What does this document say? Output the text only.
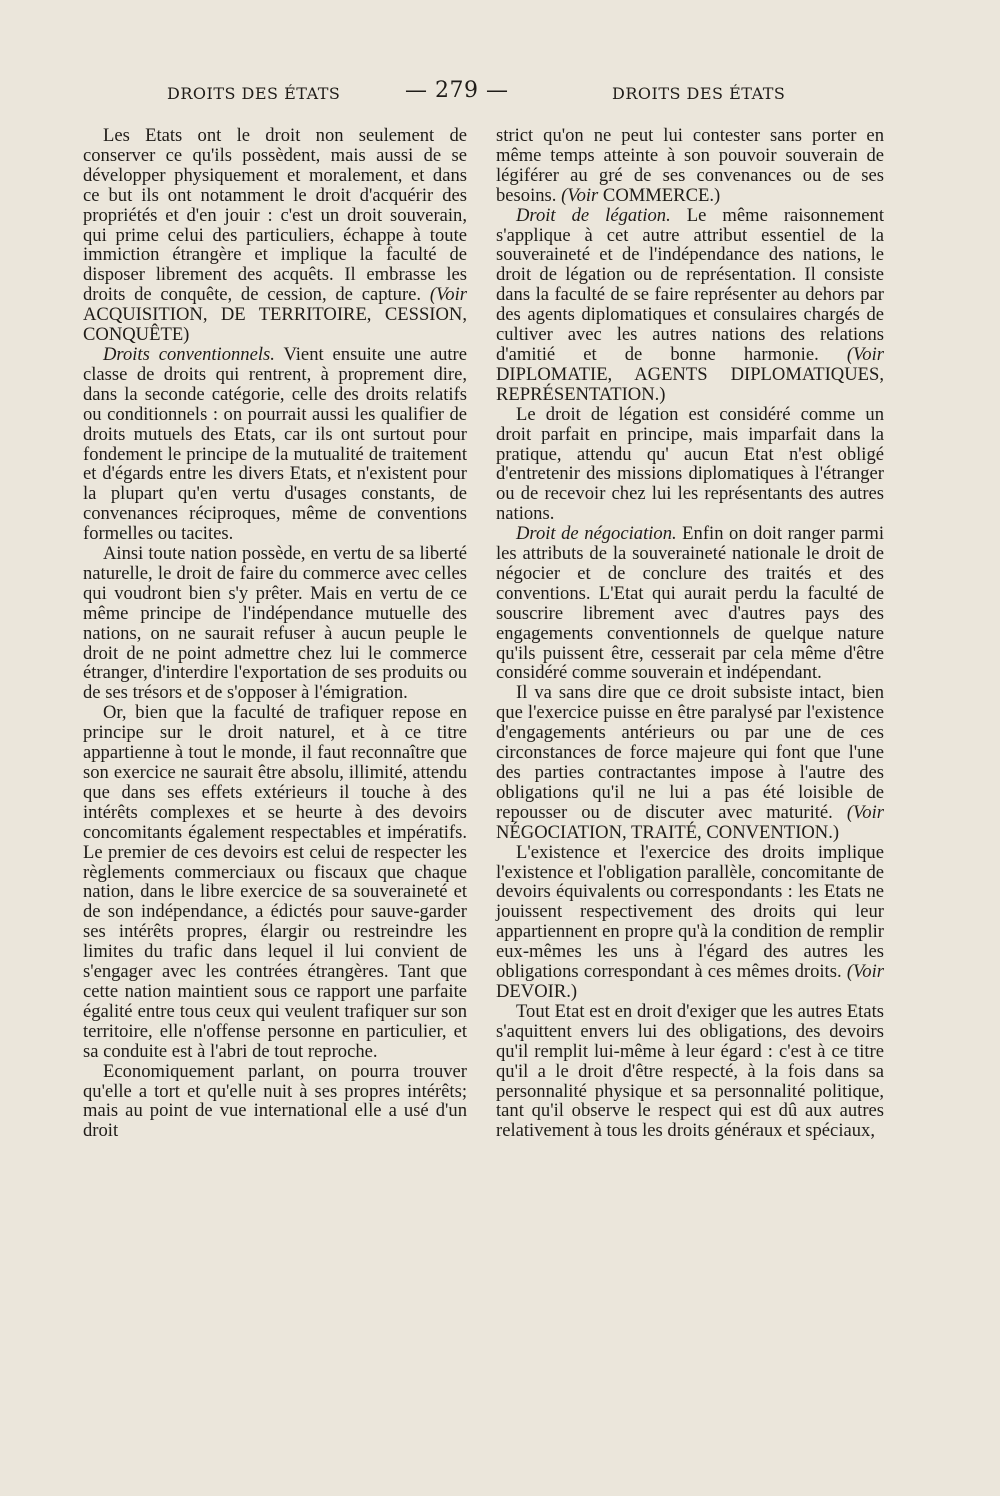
DROITS DES ÉTATS	— 279 —	DROITS DES ÉTATS

Les Etats ont le droit non seulement de conserver ce qu'ils possèdent, mais aussi de se développer physiquement et moralement, et dans ce but ils ont notamment le droit d'acquérir des propriétés et d'en jouir : c'est un droit souverain, qui prime celui des particuliers, échappe à toute immiction étrangère et implique la faculté de disposer librement des acquêts. Il embrasse les droits de conquête, de cession, de capture. (Voir ACQUISITION, DE TERRITOIRE, CESSION, CONQUÊTE)

Droits conventionnels. Vient ensuite une autre classe de droits qui rentrent, à proprement dire, dans la seconde catégorie, celle des droits relatifs ou conditionnels : on pourrait aussi les qualifier de droits mutuels des Etats, car ils ont surtout pour fondement le principe de la mutualité de traitement et d'égards entre les divers Etats, et n'existent pour la plupart qu'en vertu d'usages constants, de convenances réciproques, même de conventions formelles ou tacites.

Ainsi toute nation possède, en vertu de sa liberté naturelle, le droit de faire du commerce avec celles qui voudront bien s'y prêter. Mais en vertu de ce même principe de l'indépendance mutuelle des nations, on ne saurait refuser à aucun peuple le droit de ne point admettre chez lui le commerce étranger, d'interdire l'exportation de ses produits ou de ses trésors et de s'opposer à l'émigration.

Or, bien que la faculté de trafiquer repose en principe sur le droit naturel, et à ce titre appartienne à tout le monde, il faut reconnaître que son exercice ne saurait être absolu, illimité, attendu que dans ses effets extérieurs il touche à des intérêts complexes et se heurte à des devoirs concomitants également respectables et impératifs. Le premier de ces devoirs est celui de respecter les règlements commerciaux ou fiscaux que chaque nation, dans le libre exercice de sa souveraineté et de son indépendance, a édictés pour sauve-garder ses intérêts propres, élargir ou restreindre les limites du trafic dans lequel il lui convient de s'engager avec les contrées étrangères. Tant que cette nation maintient sous ce rapport une parfaite égalité entre tous ceux qui veulent trafiquer sur son territoire, elle n'offense personne en particulier, et sa conduite est à l'abri de tout reproche.

Economiquement parlant, on pourra trouver qu'elle a tort et qu'elle nuit à ses propres intérêts; mais au point de vue international elle a usé d'un droit

strict qu'on ne peut lui contester sans porter en même temps atteinte à son pouvoir souverain de légiférer au gré de ses convenances ou de ses besoins. (Voir COMMERCE.)

Droit de légation. Le même raisonnement s'applique à cet autre attribut essentiel de la souveraineté et de l'indépendance des nations, le droit de légation ou de représentation. Il consiste dans la faculté de se faire représenter au dehors par des agents diplomatiques et consulaires chargés de cultiver avec les autres nations des relations d'amitié et de bonne harmonie. (Voir DIPLOMATIE, AGENTS DIPLOMATIQUES, REPRÉSENTATION.)

Le droit de légation est considéré comme un droit parfait en principe, mais imparfait dans la pratique, attendu qu' aucun Etat n'est obligé d'entretenir des missions diplomatiques à l'étranger ou de recevoir chez lui les représentants des autres nations.

Droit de négociation. Enfin on doit ranger parmi les attributs de la souveraineté nationale le droit de négocier et de conclure des traités et des conventions. L'Etat qui aurait perdu la faculté de souscrire librement avec d'autres pays des engagements conventionnels de quelque nature qu'ils puissent être, cesserait par cela même d'être considéré comme souverain et indépendant.

Il va sans dire que ce droit subsiste intact, bien que l'exercice puisse en être paralysé par l'existence d'engagements antérieurs ou par une de ces circonstances de force majeure qui font que l'une des parties contractantes impose à l'autre des obligations qu'il ne lui a pas été loisible de repousser ou de discuter avec maturité. (Voir NÉGOCIATION, TRAITÉ, CONVENTION.)

L'existence et l'exercice des droits implique l'existence et l'obligation parallèle, concomitante de devoirs équivalents ou correspondants : les Etats ne jouissent respectivement des droits qui leur appartiennent en propre qu'à la condition de remplir eux-mêmes les uns à l'égard des autres les obligations correspondant à ces mêmes droits. (Voir DEVOIR.)

Tout Etat est en droit d'exiger que les autres Etats s'aquittent envers lui des obligations, des devoirs qu'il remplit lui-même à leur égard : c'est à ce titre qu'il a le droit d'être respecté, à la fois dans sa personnalité physique et sa personnalité politique, tant qu'il observe le respect qui est dû aux autres relativement à tous les droits généraux et spéciaux,
